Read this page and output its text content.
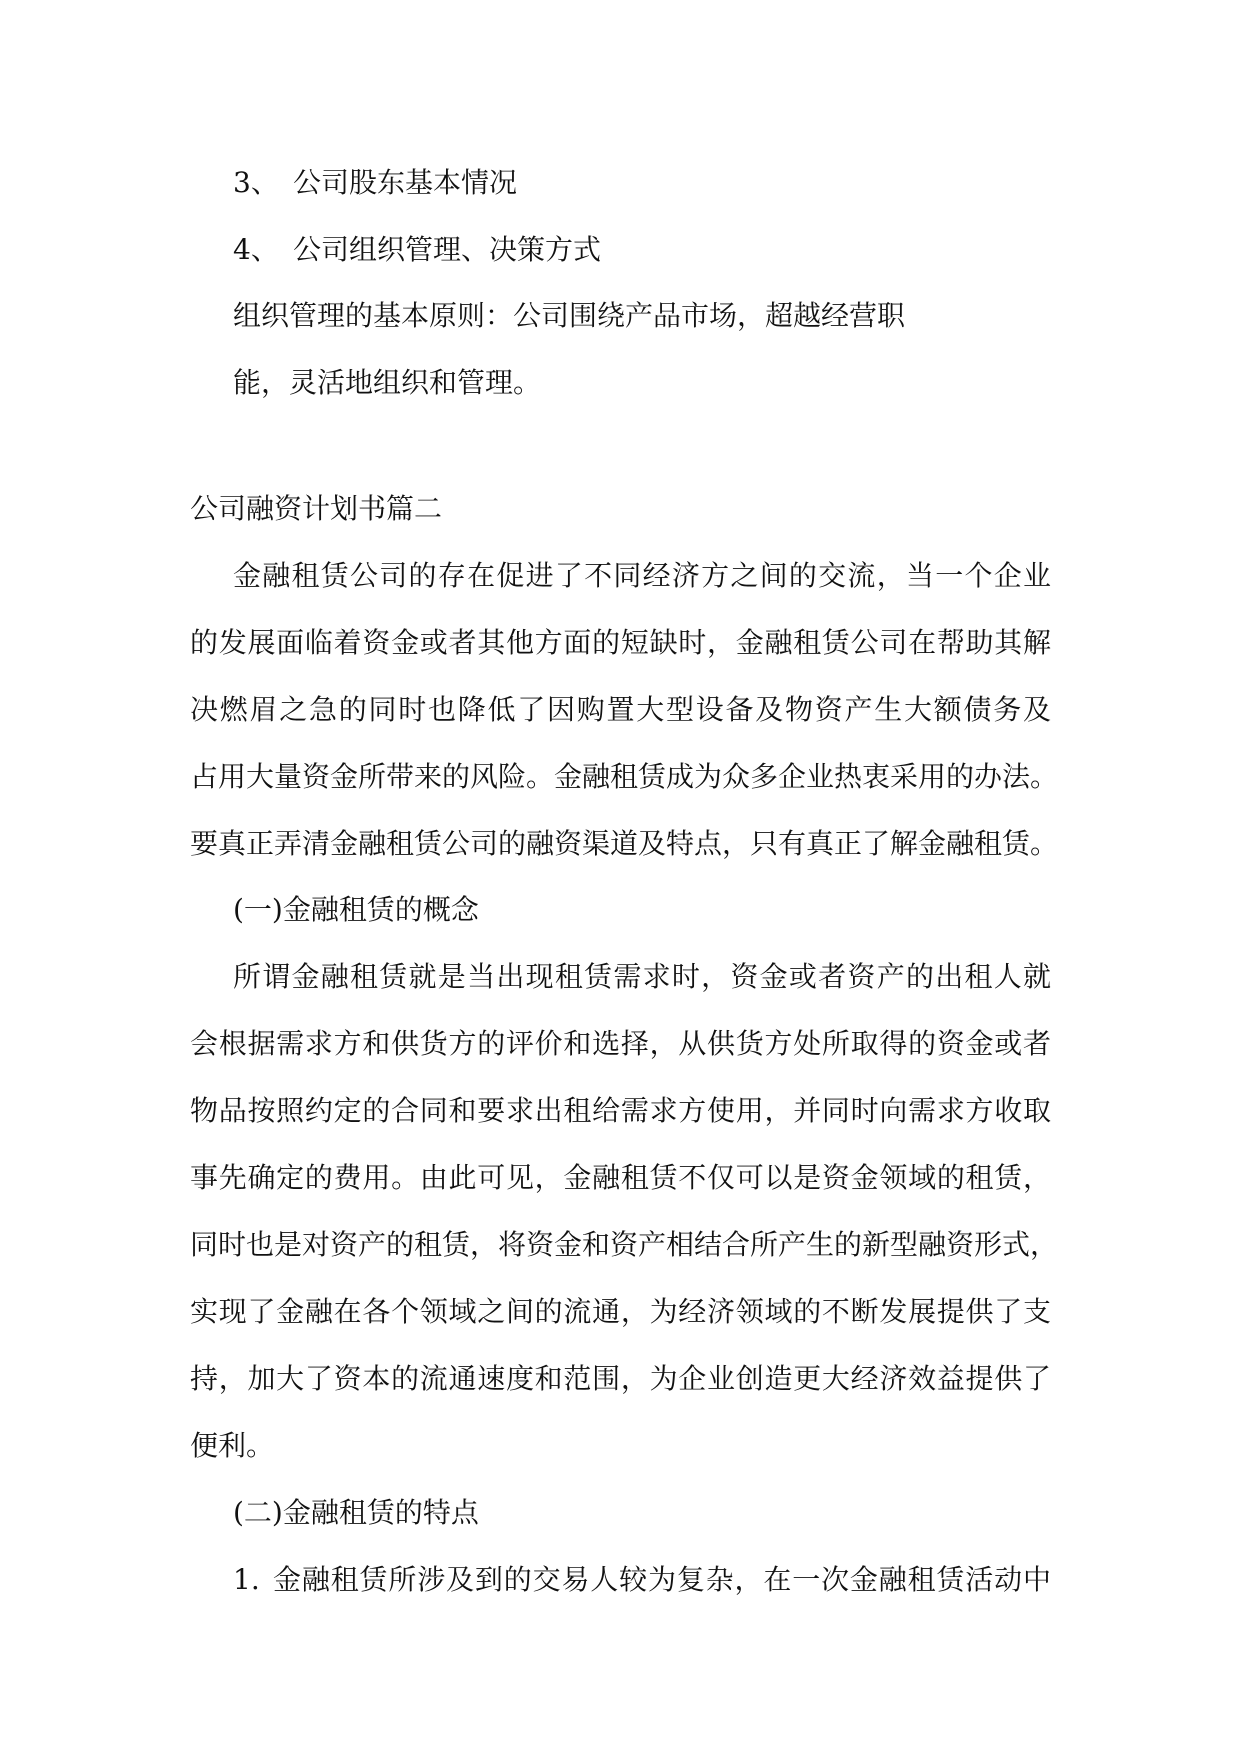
3、 公司股东基本情况
4、 公司组织管理、决策方式
组织管理的基本原则：公司围绕产品市场，超越经营职
能，灵活地组织和管理。
公司融资计划书篇二
金融租赁公司的存在促进了不同经济方之间的交流，当一个企业
的发展面临着资金或者其他方面的短缺时，金融租赁公司在帮助其解
决燃眉之急的同时也降低了因购置大型设备及物资产生大额债务及
占用大量资金所带来的风险。金融租赁成为众多企业热衷采用的办法。
要真正弄清金融租赁公司的融资渠道及特点，只有真正了解金融租赁。
(一)金融租赁的概念
所谓金融租赁就是当出现租赁需求时，资金或者资产的出租人就
会根据需求方和供货方的评价和选择，从供货方处所取得的资金或者
物品按照约定的合同和要求出租给需求方使用，并同时向需求方收取
事先确定的费用。由此可见，金融租赁不仅可以是资金领域的租赁，
同时也是对资产的租赁，将资金和资产相结合所产生的新型融资形式，
实现了金融在各个领域之间的流通，为经济领域的不断发展提供了支
持，加大了资本的流通速度和范围，为企业创造更大经济效益提供了
便利。
(二)金融租赁的特点
1. 金融租赁所涉及到的交易人较为复杂，在一次金融租赁活动中
